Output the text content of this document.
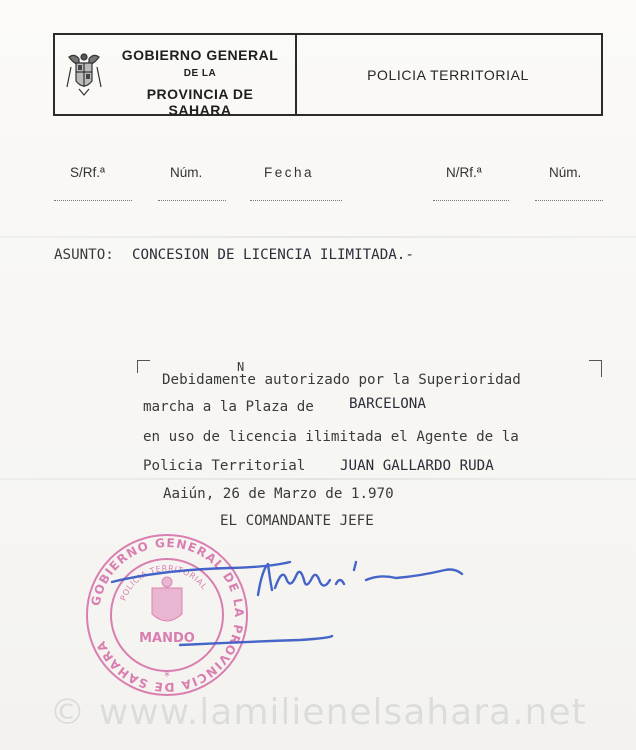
GOBIERNO GENERAL
DE LA
PROVINCIA DE SAHARA
POLICIA TERRITORIAL
S/Rf.ª	Núm.	Fecha	N/Rf.ª	Núm.
ASUNTO: CONCESION DE LICENCIA ILIMITADA.-
N
Debidamente autorizado por la Superioridad
marcha a la Plaza de BARCELONA
en uso de licencia ilimitada el Agente de la
Policia Territorial JUAN GALLARDO RUDA
Aaiún, 26 de Marzo de 1.970
EL COMANDANTE JEFE
GOBIERNO GENERAL DE LA PROVINCIA DE SAHARA
POLICIA TERRITORIAL
MANDO
*
© www.lamilienelsahara.net
